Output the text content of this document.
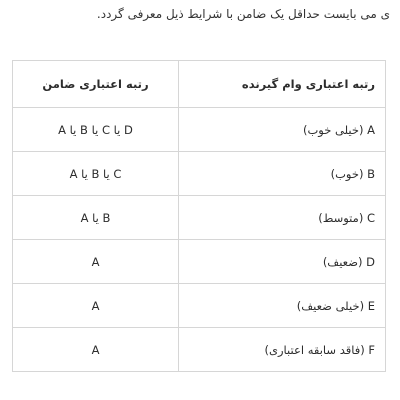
ی می بایست حداقل یک ضامن با شرایط ذیل معرفی گردد.
رتبه اعتباری وام گیرنده	رتبه اعتباری ضامن
A (خیلی خوب)	D یا C یا B یا A
B (خوب)	C یا B یا A
C (متوسط)	B یا A
D (ضعیف)	A
E (خیلی ضعیف)	A
F (فاقد سابقه اعتباری)	A
